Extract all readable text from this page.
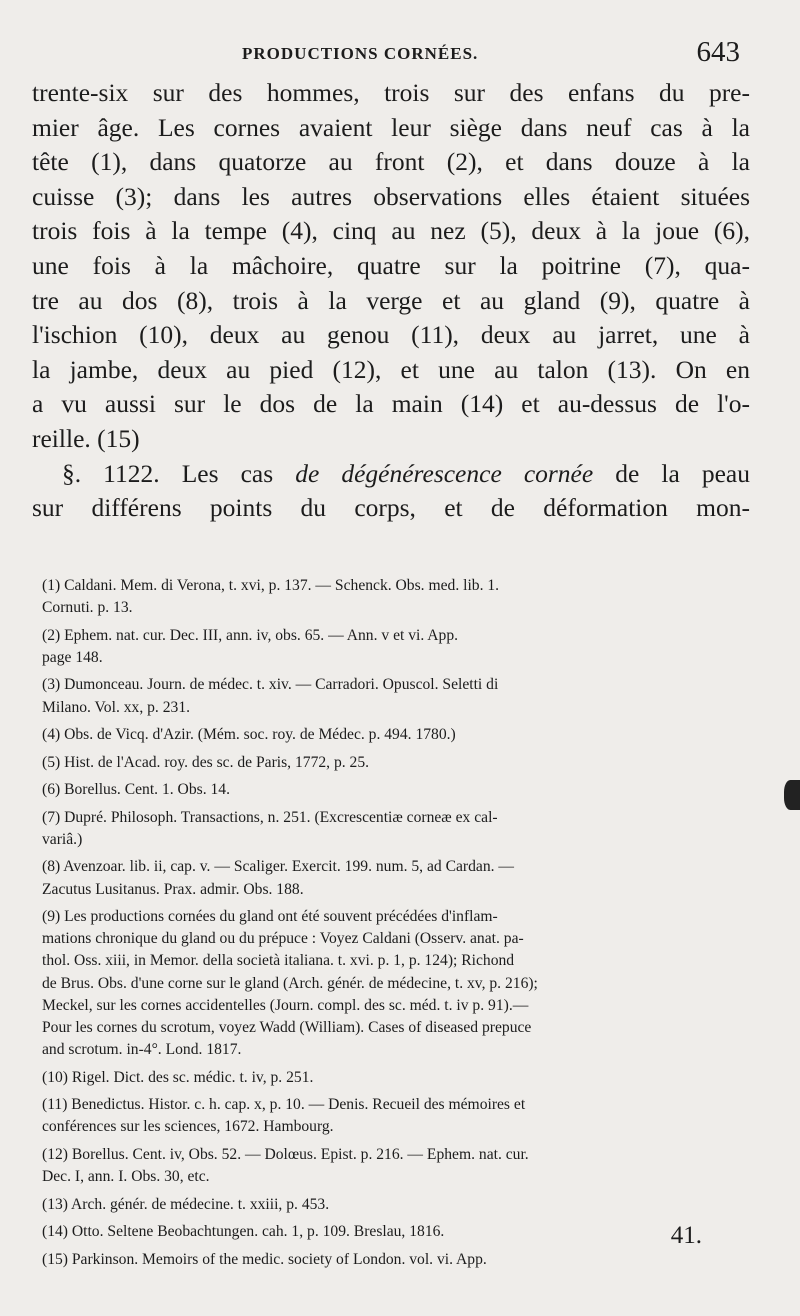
PRODUCTIONS CORNÉES.	643
trente-six sur des hommes, trois sur des enfans du pre-
mier âge. Les cornes avaient leur siège dans neuf cas à la
tête (1), dans quatorze au front (2), et dans douze à la
cuisse (3); dans les autres observations elles étaient situées
trois fois à la tempe (4), cinq au nez (5), deux à la joue (6),
une fois à la mâchoire, quatre sur la poitrine (7), qua-
tre au dos (8), trois à la verge et au gland (9), quatre à
l'ischion (10), deux au genou (11), deux au jarret, une à
la jambe, deux au pied (12), et une au talon (13). On en
a vu aussi sur le dos de la main (14) et au-dessus de l'o-
reille. (15)
§. 1122. Les cas de dégénérescence cornée de la peau
sur différens points du corps, et de déformation mon-
(1) Caldani. Mem. di Verona, t. xvi, p. 137. — Schenck. Obs. med. lib. 1.
Cornuti. p. 13.
(2) Ephem. nat. cur. Dec. III, ann. iv, obs. 65. — Ann. v et vi. App.
page 148.
(3) Dumonceau. Journ. de médec. t. xiv. — Carradori. Opuscol. Seletti di
Milano. Vol. xx, p. 231.
(4) Obs. de Vicq. d'Azir. (Mém. soc. roy. de Médec. p. 494. 1780.)
(5) Hist. de l'Acad. roy. des sc. de Paris, 1772, p. 25.
(6) Borellus. Cent. 1. Obs. 14.
(7) Dupré. Philosoph. Transactions, n. 251. (Excrescentiæ corneæ ex cal-
variâ.)
(8) Avenzoar. lib. ii, cap. v. — Scaliger. Exercit. 199. num. 5, ad Cardan. —
Zacutus Lusitanus. Prax. admir. Obs. 188.
(9) Les productions cornées du gland ont été souvent précédées d'inflam-
mations chronique du gland ou du prépuce : Voyez Caldani (Osserv. anat. pa-
thol. Oss. xiii, in Memor. della società italiana. t. xvi. p. 1, p. 124); Richond
de Brus. Obs. d'une corne sur le gland (Arch. génér. de médecine, t. xv, p. 216);
Meckel, sur les cornes accidentelles (Journ. compl. des sc. méd. t. iv p. 91).—
Pour les cornes du scrotum, voyez Wadd (William). Cases of diseased prepuce
and scrotum. in-4°. Lond. 1817.
(10) Rigel. Dict. des sc. médic. t. iv, p. 251.
(11) Benedictus. Histor. c. h. cap. x, p. 10. — Denis. Recueil des mémoires et
conférences sur les sciences, 1672. Hambourg.
(12) Borellus. Cent. iv, Obs. 52. — Dolœus. Epist. p. 216. — Ephem. nat. cur.
Dec. I, ann. I. Obs. 30, etc.
(13) Arch. génér. de médecine. t. xxiii, p. 453.
(14) Otto. Seltene Beobachtungen. cah. 1, p. 109. Breslau, 1816.
(15) Parkinson. Memoirs of the medic. society of London. vol. vi. App.
41.
